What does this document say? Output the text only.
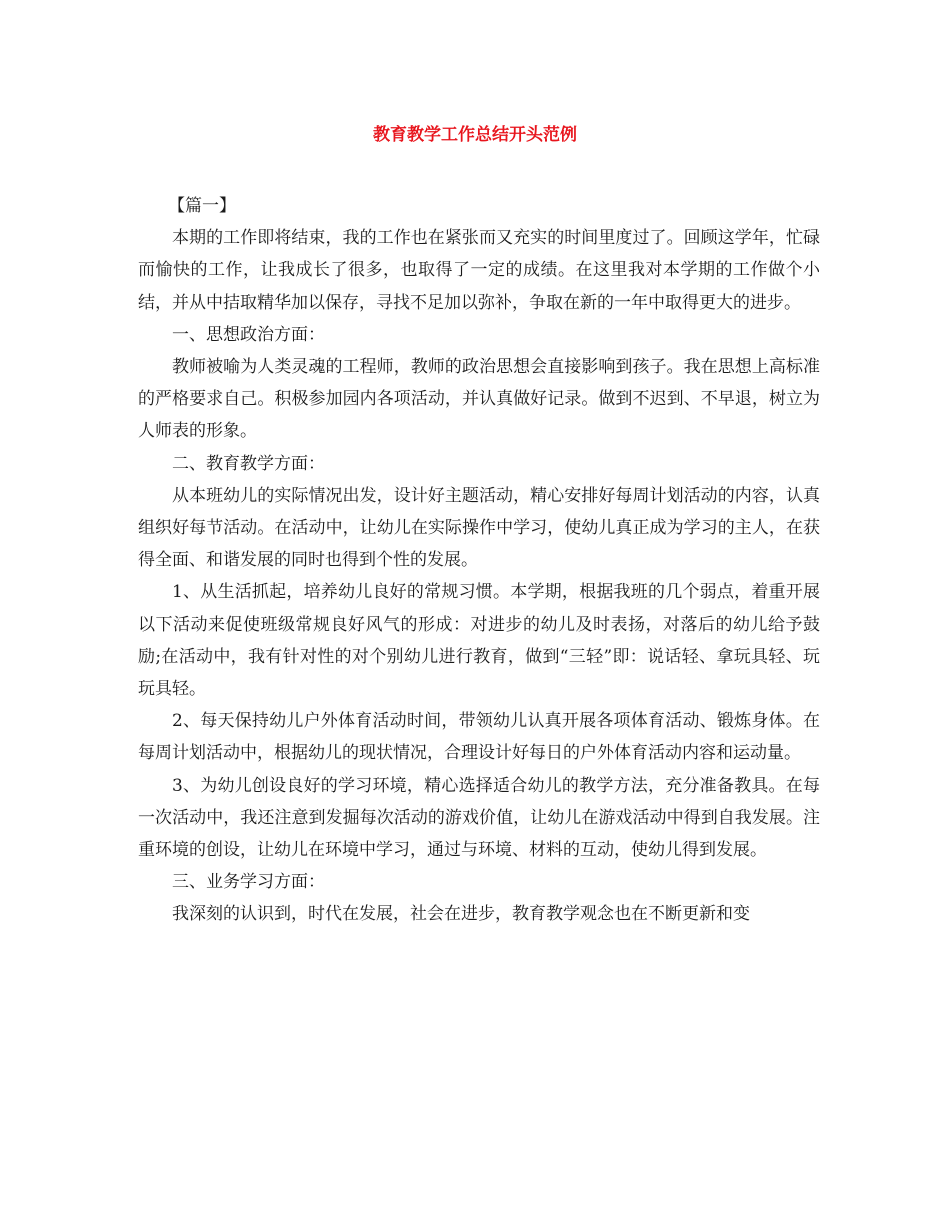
教育教学工作总结开头范例

【篇一】

本期的工作即将结束，我的工作也在紧张而又充实的时间里度过了。回顾这学年，忙碌而愉快的工作，让我成长了很多，也取得了一定的成绩。在这里我对本学期的工作做个小结，并从中拮取精华加以保存，寻找不足加以弥补，争取在新的一年中取得更大的进步。

一、思想政治方面：

教师被喻为人类灵魂的工程师，教师的政治思想会直接影响到孩子。我在思想上高标准的严格要求自己。积极参加园内各项活动，并认真做好记录。做到不迟到、不早退，树立为人师表的形象。

二、教育教学方面：

从本班幼儿的实际情况出发，设计好主题活动，精心安排好每周计划活动的内容，认真组织好每节活动。在活动中，让幼儿在实际操作中学习，使幼儿真正成为学习的主人，在获得全面、和谐发展的同时也得到个性的发展。

1、从生活抓起，培养幼儿良好的常规习惯。本学期，根据我班的几个弱点，着重开展以下活动来促使班级常规良好风气的形成：对进步的幼儿及时表扬，对落后的幼儿给予鼓励;在活动中，我有针对性的对个别幼儿进行教育，做到“三轻”即：说话轻、拿玩具轻、玩玩具轻。

2、每天保持幼儿户外体育活动时间，带领幼儿认真开展各项体育活动、锻炼身体。在每周计划活动中，根据幼儿的现状情况，合理设计好每日的户外体育活动内容和运动量。

3、为幼儿创设良好的学习环境，精心选择适合幼儿的教学方法，充分准备教具。在每一次活动中，我还注意到发掘每次活动的游戏价值，让幼儿在游戏活动中得到自我发展。注重环境的创设，让幼儿在环境中学习，通过与环境、材料的互动，使幼儿得到发展。

三、业务学习方面：

我深刻的认识到，时代在发展，社会在进步，教育教学观念也在不断更新和变
